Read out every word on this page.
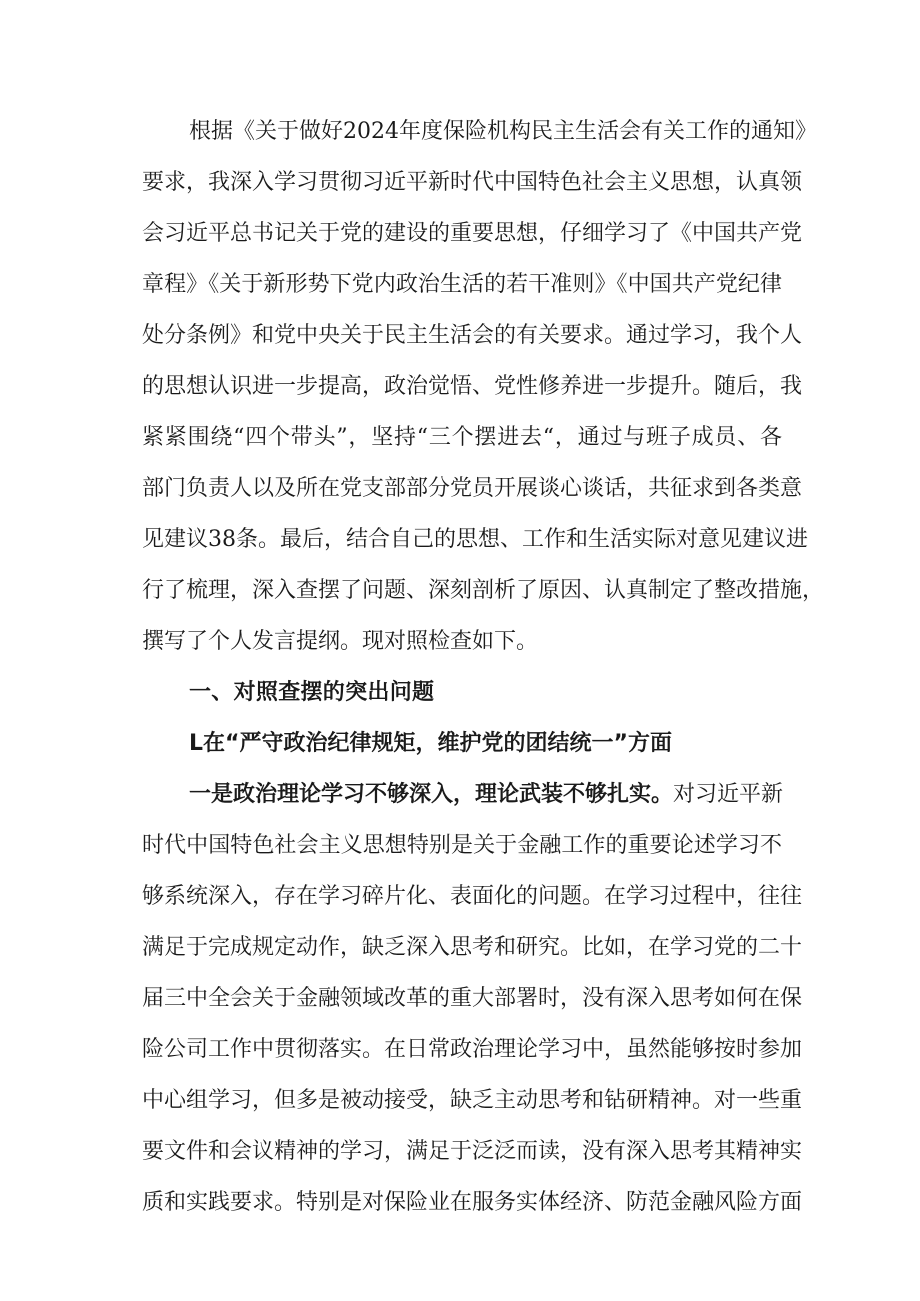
根据《关于做好2024年度保险机构民主生活会有关工作的通知》
要求，我深入学习贯彻习近平新时代中国特色社会主义思想，认真领
会习近平总书记关于党的建设的重要思想，仔细学习了《中国共产党
章程》《关于新形势下党内政治生活的若干准则》《中国共产党纪律
处分条例》和党中央关于民主生活会的有关要求。通过学习，我个人
的思想认识进一步提高，政治觉悟、党性修养进一步提升。随后，我
紧紧围绕“四个带头”，坚持“三个摆进去“，通过与班子成员、各
部门负责人以及所在党支部部分党员开展谈心谈话，共征求到各类意
见建议38条。最后，结合自己的思想、工作和生活实际对意见建议进
行了梳理，深入查摆了问题、深刻剖析了原因、认真制定了整改措施，
撰写了个人发言提纲。现对照检查如下。
一、对照查摆的突出问题
L在“严守政治纪律规矩，维护党的团结统一”方面
一是政治理论学习不够深入，理论武装不够扎实。对习近平新
时代中国特色社会主义思想特别是关于金融工作的重要论述学习不
够系统深入，存在学习碎片化、表面化的问题。在学习过程中，往往
满足于完成规定动作，缺乏深入思考和研究。比如，在学习党的二十
届三中全会关于金融领域改革的重大部署时，没有深入思考如何在保
险公司工作中贯彻落实。在日常政治理论学习中，虽然能够按时参加
中心组学习，但多是被动接受，缺乏主动思考和钻研精神。对一些重
要文件和会议精神的学习，满足于泛泛而读，没有深入思考其精神实
质和实践要求。特别是对保险业在服务实体经济、防范金融风险方面
